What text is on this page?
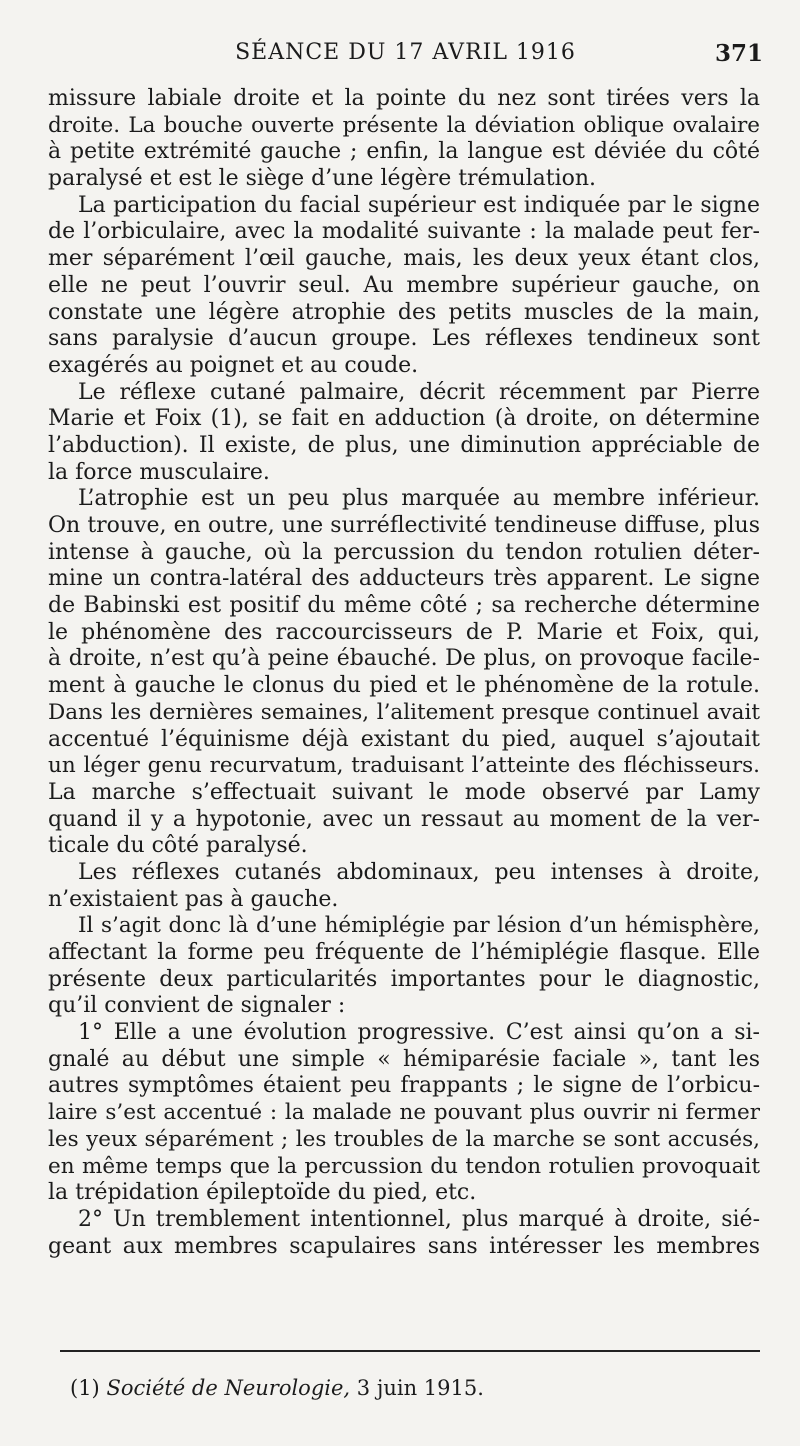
SÉANCE DU 17 AVRIL 1916	371
missure labiale droite et la pointe du nez sont tirées vers la
droite. La bouche ouverte présente la déviation oblique ovalaire
à petite extrémité gauche ; enfin, la langue est déviée du côté
paralysé et est le siège d’une légère trémulation.
La participation du facial supérieur est indiquée par le signe
de l’orbiculaire, avec la modalité suivante : la malade peut fer-
mer séparément l’œil gauche, mais, les deux yeux étant clos,
elle ne peut l’ouvrir seul. Au membre supérieur gauche, on
constate une légère atrophie des petits muscles de la main,
sans paralysie d’aucun groupe. Les réflexes tendineux sont
exagérés au poignet et au coude.
Le réflexe cutané palmaire, décrit récemment par Pierre
Marie et Foix (1), se fait en adduction (à droite, on détermine
l’abduction). Il existe, de plus, une diminution appréciable de
la force musculaire.
L’atrophie est un peu plus marquée au membre inférieur.
On trouve, en outre, une surréflectivité tendineuse diffuse, plus
intense à gauche, où la percussion du tendon rotulien déter-
mine un contra-latéral des adducteurs très apparent. Le signe
de Babinski est positif du même côté ; sa recherche détermine
le phénomène des raccourcisseurs de P. Marie et Foix, qui,
à droite, n’est qu’à peine ébauché. De plus, on provoque facile-
ment à gauche le clonus du pied et le phénomène de la rotule.
Dans les dernières semaines, l’alitement presque continuel avait
accentué l’équinisme déjà existant du pied, auquel s’ajoutait
un léger genu recurvatum, traduisant l’atteinte des fléchisseurs.
La marche s’effectuait suivant le mode observé par Lamy
quand il y a hypotonie, avec un ressaut au moment de la ver-
ticale du côté paralysé.
Les réflexes cutanés abdominaux, peu intenses à droite,
n’existaient pas à gauche.
Il s’agit donc là d’une hémiplégie par lésion d’un hémisphère,
affectant la forme peu fréquente de l’hémiplégie flasque. Elle
présente deux particularités importantes pour le diagnostic,
qu’il convient de signaler :
1° Elle a une évolution progressive. C’est ainsi qu’on a si-
gnalé au début une simple « hémiparésie faciale », tant les
autres symptômes étaient peu frappants ; le signe de l’orbicu-
laire s’est accentué : la malade ne pouvant plus ouvrir ni fermer
les yeux séparément ; les troubles de la marche se sont accusés,
en même temps que la percussion du tendon rotulien provoquait
la trépidation épileptoïde du pied, etc.
2° Un tremblement intentionnel, plus marqué à droite, sié-
geant aux membres scapulaires sans intéresser les membres
(1) Société de Neurologie, 3 juin 1915.
